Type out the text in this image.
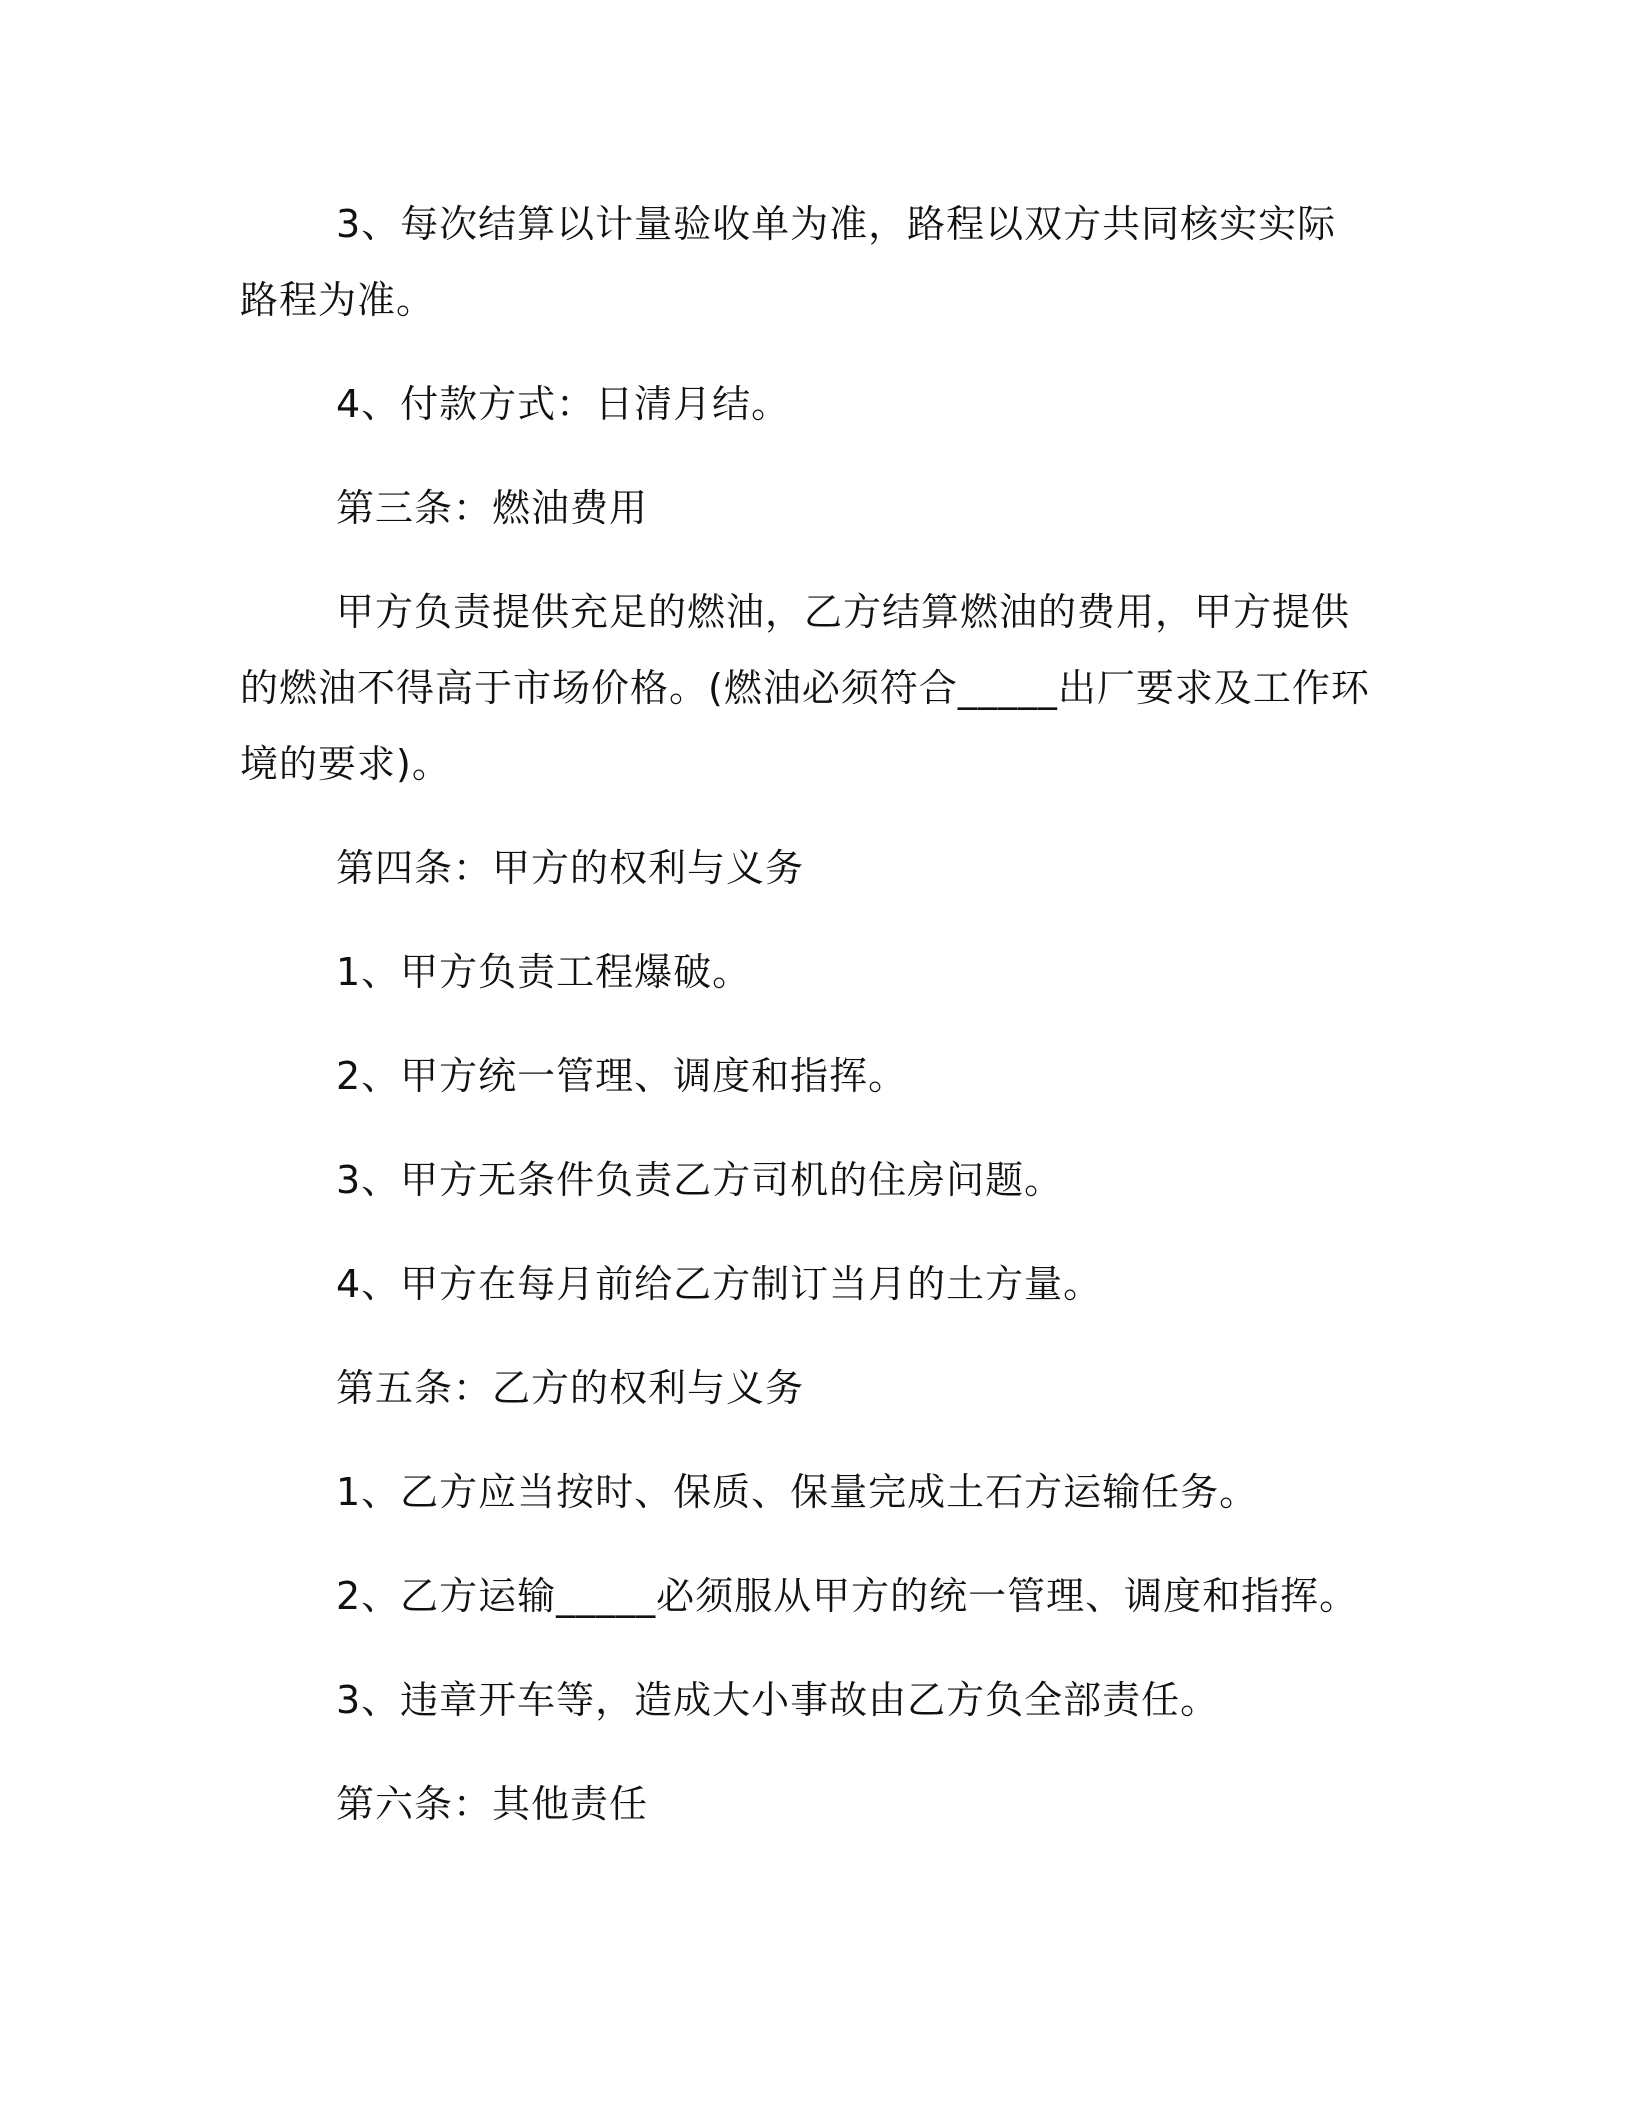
3、每次结算以计量验收单为准，路程以双方共同核实实际路程为准。

4、付款方式：日清月结。

第三条：燃油费用

甲方负责提供充足的燃油，乙方结算燃油的费用，甲方提供的燃油不得高于市场价格。(燃油必须符合_____出厂要求及工作环境的要求)。

第四条：甲方的权利与义务

1、甲方负责工程爆破。

2、甲方统一管理、调度和指挥。

3、甲方无条件负责乙方司机的住房问题。

4、甲方在每月前给乙方制订当月的土方量。

第五条：乙方的权利与义务

1、乙方应当按时、保质、保量完成土石方运输任务。

2、乙方运输_____必须服从甲方的统一管理、调度和指挥。

3、违章开车等，造成大小事故由乙方负全部责任。

第六条：其他责任
